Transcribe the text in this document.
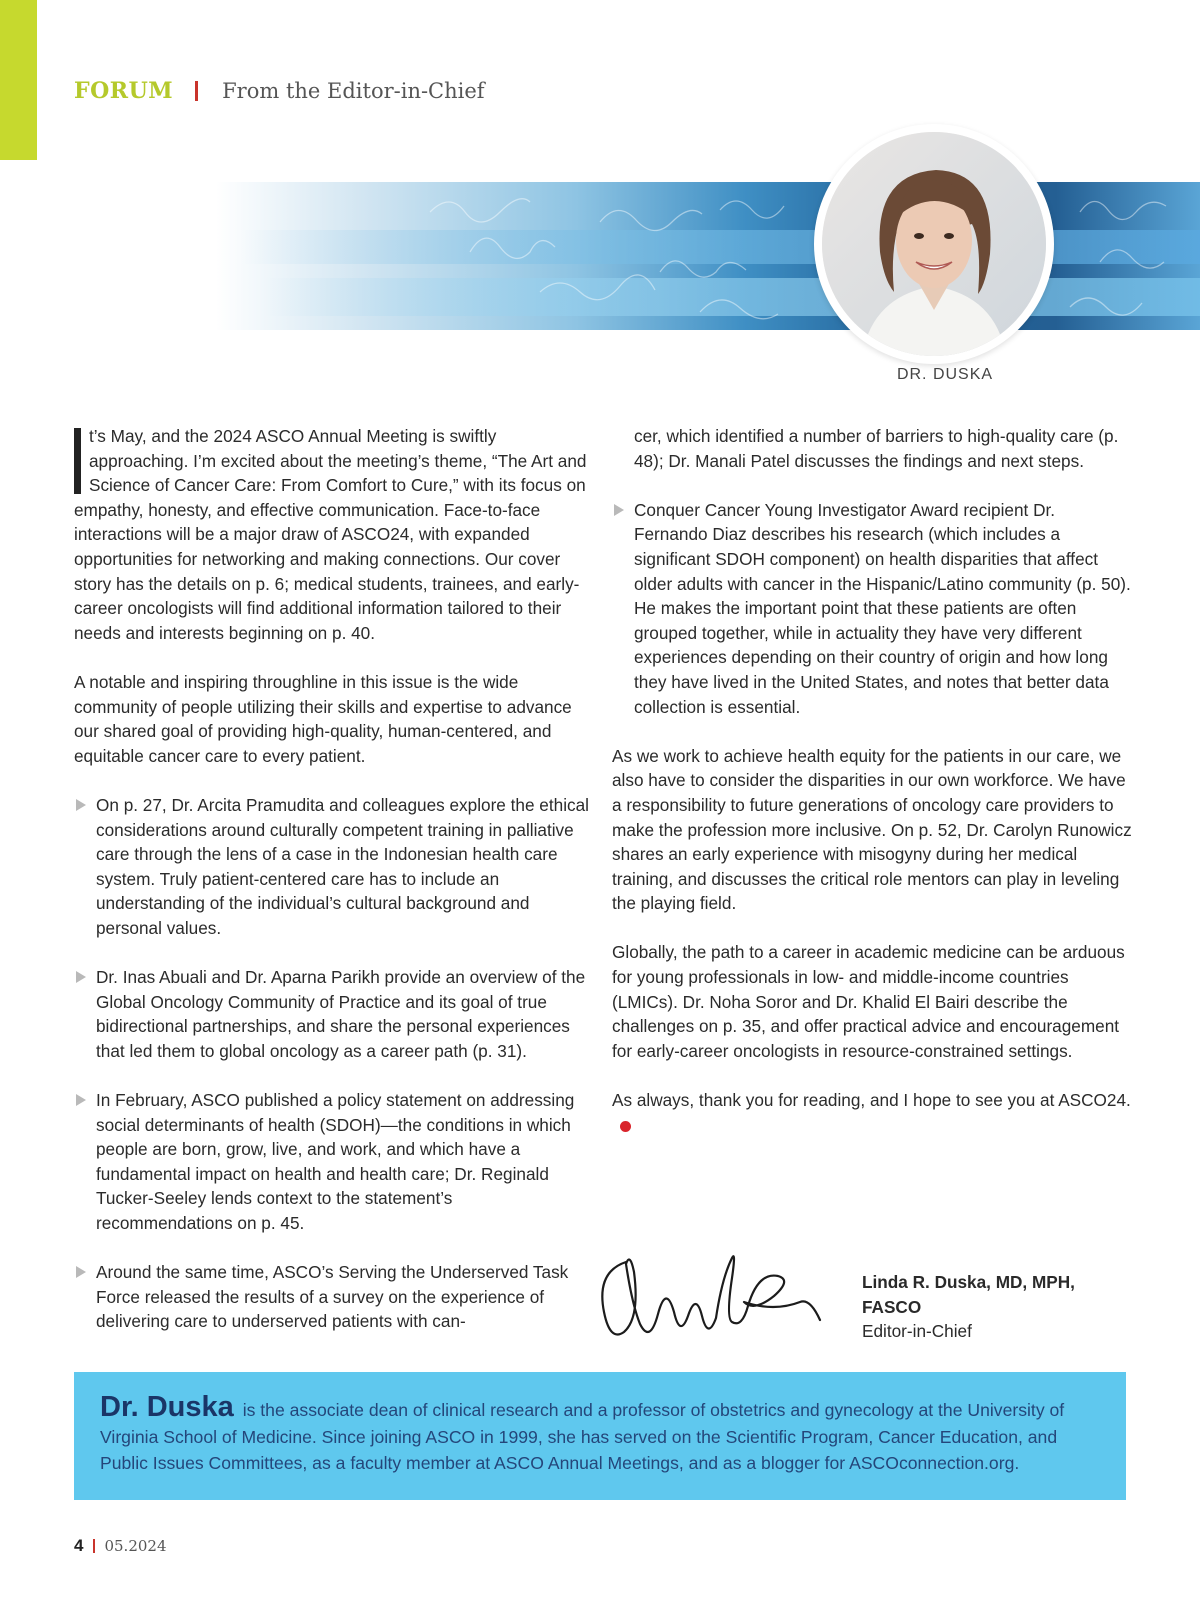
FORUM From the Editor-in-Chief
DR. DUSKA

t’s May, and the 2024 ASCO Annual Meeting is swiftly approaching. I’m excited about the meeting’s theme, “The Art and Science of Cancer Care: From Comfort to Cure,” with its focus on empathy, honesty, and effective communication. Face-to-face interactions will be a major draw of ASCO24, with expanded opportunities for networking and making connections. Our cover story has the details on p. 6; medical students, trainees, and early-career oncologists will find additional information tailored to their needs and interests beginning on p. 40.

A notable and inspiring throughline in this issue is the wide community of people utilizing their skills and expertise to advance our shared goal of providing high-quality, human-centered, and equitable cancer care to every patient.

On p. 27, Dr. Arcita Pramudita and colleagues explore the ethical considerations around culturally competent training in palliative care through the lens of a case in the Indonesian health care system. Truly patient-centered care has to include an understanding of the individual’s cultural background and personal values.
Dr. Inas Abuali and Dr. Aparna Parikh provide an overview of the Global Oncology Community of Practice and its goal of true bidirectional partnerships, and share the personal experiences that led them to global oncology as a career path (p. 31).
In February, ASCO published a policy statement on addressing social determinants of health (SDOH)—the conditions in which people are born, grow, live, and work, and which have a fundamental impact on health and health care; Dr. Reginald Tucker-Seeley lends context to the statement’s recommendations on p. 45.
Around the same time, ASCO’s Serving the Underserved Task Force released the results of a survey on the experience of delivering care to underserved patients with can-

cer, which identified a number of barriers to high-quality care (p. 48); Dr. Manali Patel discusses the findings and next steps.

Conquer Cancer Young Investigator Award recipient Dr. Fernando Diaz describes his research (which includes a significant SDOH component) on health disparities that affect older adults with cancer in the Hispanic/Latino community (p. 50). He makes the important point that these patients are often grouped together, while in actuality they have very different experiences depending on their country of origin and how long they have lived in the United States, and notes that better data collection is essential.

As we work to achieve health equity for the patients in our care, we also have to consider the disparities in our own workforce. We have a responsibility to future generations of oncology care providers to make the profession more inclusive. On p. 52, Dr. Carolyn Runowicz shares an early experience with misogyny during her medical training, and discusses the critical role mentors can play in leveling the playing field.

Globally, the path to a career in academic medicine can be arduous for young professionals in low- and middle-income countries (LMICs). Dr. Noha Soror and Dr. Khalid El Bairi describe the challenges on p. 35, and offer practical advice and encouragement for early-career oncologists in resource-constrained settings.

As always, thank you for reading, and I hope to see you at ASCO24.

Linda R. Duska, MD, MPH,
FASCO
Editor-in-Chief
Dr. Duska is the associate dean of clinical research and a professor of obstetrics and gynecology at the University of Virginia School of Medicine. Since joining ASCO in 1999, she has served on the Scientific Program, Cancer Education, and Public Issues Committees, as a faculty member at ASCO Annual Meetings, and as a blogger for ASCOconnection.org.
4 05.2024
